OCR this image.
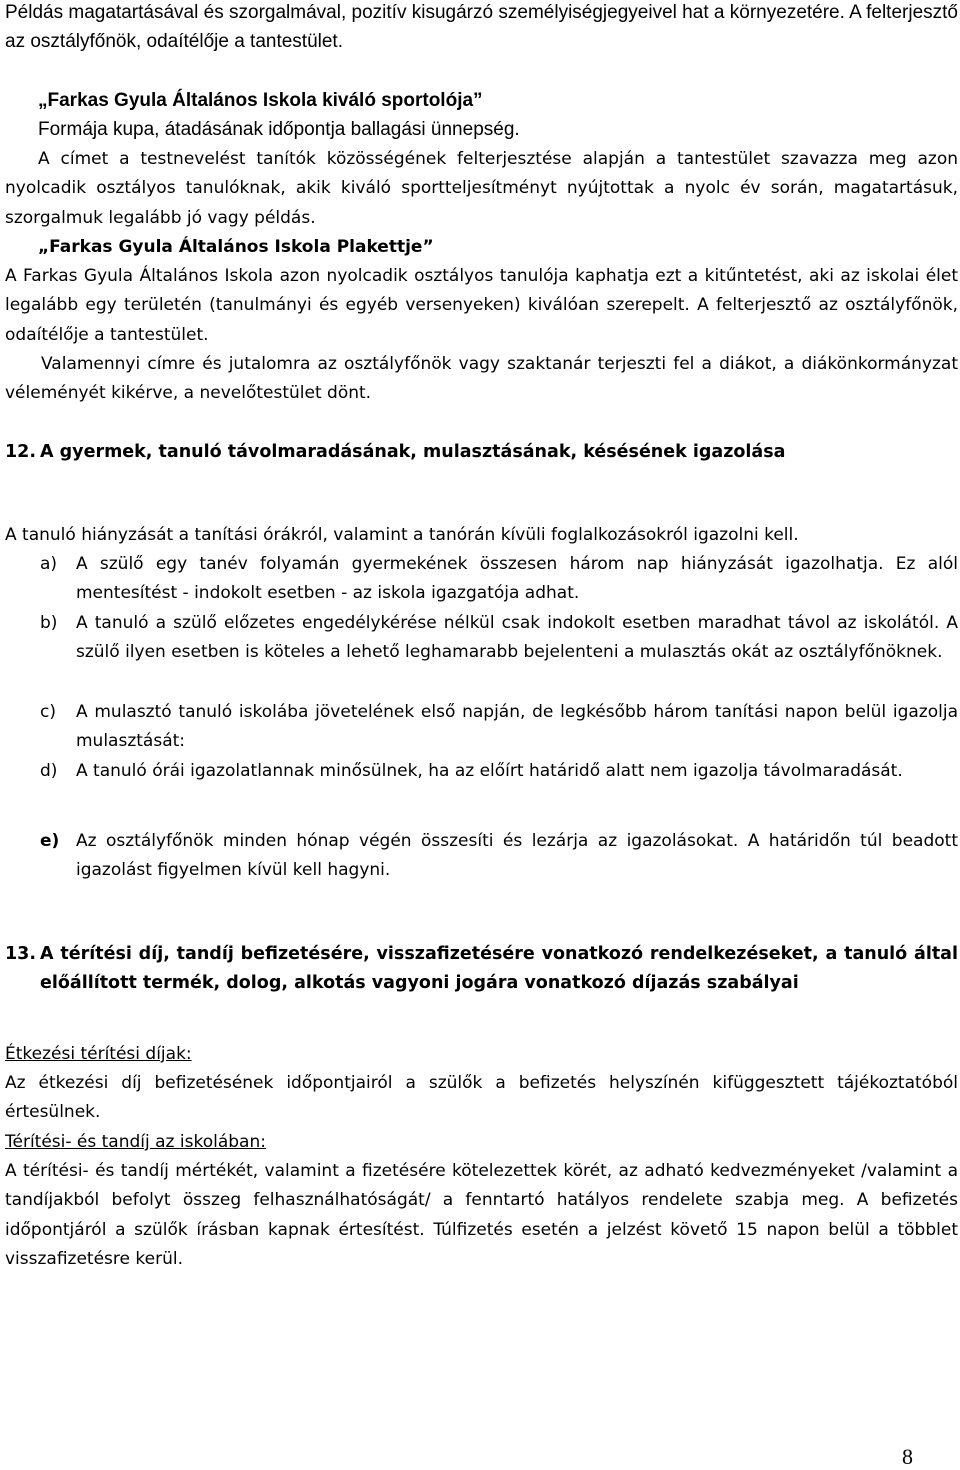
Példás magatartásával és szorgalmával, pozitív kisugárzó személyiségjegyeivel hat a környezetére. A felterjesztő az osztályfőnök, odaítélője a tantestület.

„Farkas Gyula Általános Iskola kiváló sportolója”

Formája kupa, átadásának időpontja ballagási ünnepség.

A címet a testnevelést tanítók közösségének felterjesztése alapján a tantestület szavazza meg azon nyolcadik osztályos tanulóknak, akik kiváló sportteljesítményt nyújtottak a nyolc év során, magatartásuk, szorgalmuk legalább jó vagy példás.

„Farkas Gyula Általános Iskola Plakettje”

A Farkas Gyula Általános Iskola azon nyolcadik osztályos tanulója kaphatja ezt a kitűntetést, aki az iskolai élet legalább egy területén (tanulmányi és egyéb versenyeken) kiválóan szerepelt. A felterjesztő az osztályfőnök, odaítélője a tantestület.

Valamennyi címre és jutalomra az osztályfőnök vagy szaktanár terjeszti fel a diákot, a diákönkormányzat véleményét kikérve, a nevelőtestület dönt.

12. A gyermek, tanuló távolmaradásának, mulasztásának, késésének igazolása

A tanuló hiányzását a tanítási órákról, valamint a tanórán kívüli foglalkozásokról igazolni kell.

a)	A szülő egy tanév folyamán gyermekének összesen három nap hiányzását igazolhatja. Ez alól mentesítést - indokolt esetben - az iskola igazgatója adhat.
b)	A tanuló a szülő előzetes engedélykérése nélkül csak indokolt esetben maradhat távol az iskolától. A szülő ilyen esetben is köteles a lehető leghamarabb bejelenteni a mulasztás okát az osztályfőnöknek.
c)	A mulasztó tanuló iskolába jövetelének első napján, de legkésőbb három tanítási napon belül igazolja mulasztását:
d)	A tanuló órái igazolatlannak minősülnek, ha az előírt határidő alatt nem igazolja távolmaradását.
e) Az osztályfőnök minden hónap végén összesíti és lezárja az igazolásokat. A határidőn túl beadott igazolást figyelmen kívül kell hagyni.
13. A térítési díj, tandíj befizetésére, visszafizetésére vonatkozó rendelkezéseket, a tanuló által előállított termék, dolog, alkotás vagyoni jogára vonatkozó díjazás szabályai

Étkezési térítési díjak:

Az étkezési díj befizetésének időpontjairól a szülők a befizetés helyszínén kifüggesztett tájékoztatóból értesülnek.

Térítési- és tandíj az iskolában:

A térítési- és tandíj mértékét, valamint a fizetésére kötelezettek körét, az adható kedvezményeket /valamint a tandíjakból befolyt összeg felhasználhatóságát/ a fenntartó hatályos rendelete szabja meg. A befizetés időpontjáról a szülők írásban kapnak értesítést. Túlfizetés esetén a jelzést követő 15 napon belül a többlet visszafizetésre kerül.

8
